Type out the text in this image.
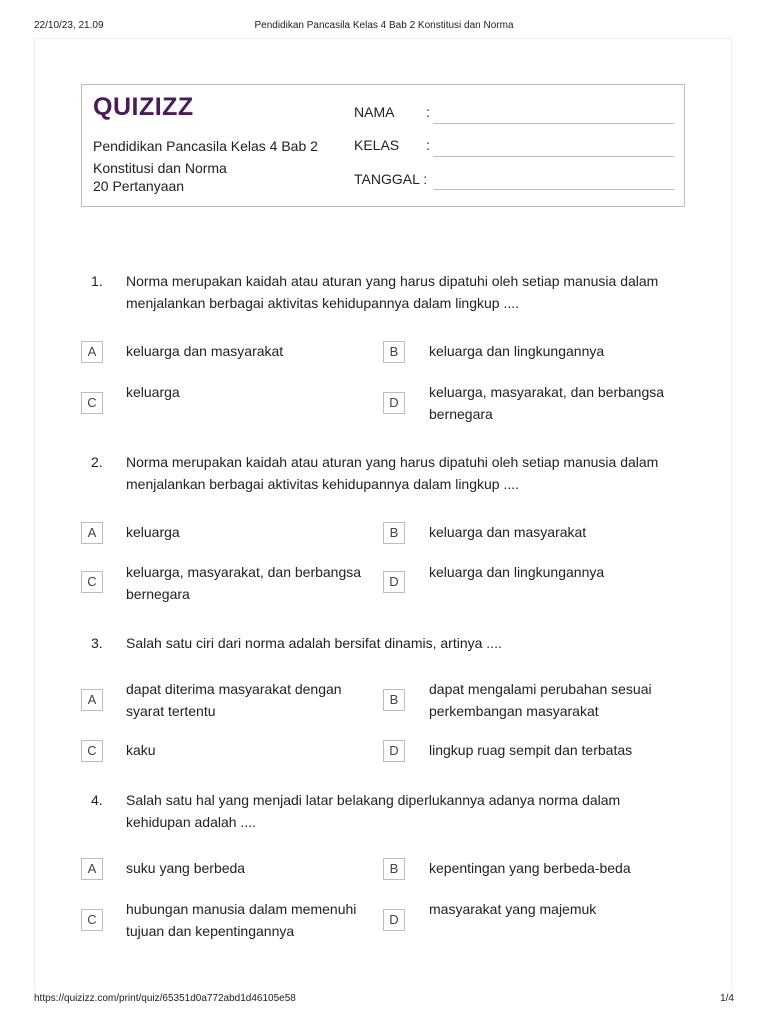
22/10/23, 21.09	Pendidikan Pancasila Kelas 4 Bab 2 Konstitusi dan Norma
QUIZIZZ
Pendidikan Pancasila Kelas 4 Bab 2 Konstitusi dan Norma
20 Pertanyaan
NAMA :
KELAS :
TANGGAL :
1. Norma merupakan kaidah atau aturan yang harus dipatuhi oleh setiap manusia dalam menjalankan berbagai aktivitas kehidupannya dalam lingkup ....
A	keluarga dan masyarakat	B	keluarga dan lingkungannya
C
keluarga
D
keluarga, masyarakat, dan berbangsa bernegara
2. Norma merupakan kaidah atau aturan yang harus dipatuhi oleh setiap manusia dalam menjalankan berbagai aktivitas kehidupannya dalam lingkup ....
A	keluarga	B	keluarga dan masyarakat
C
keluarga, masyarakat, dan berbangsa bernegara
D
keluarga dan lingkungannya
3. Salah satu ciri dari norma adalah bersifat dinamis, artinya ....
A
dapat diterima masyarakat dengan syarat tertentu
B
dapat mengalami perubahan sesuai perkembangan masyarakat
C	kaku	D	lingkup ruag sempit dan terbatas
4. Salah satu hal yang menjadi latar belakang diperlukannya adanya norma dalam kehidupan adalah ....
A	suku yang berbeda	B	kepentingan yang berbeda-beda
C
hubungan manusia dalam memenuhi tujuan dan kepentingannya
D
masyarakat yang majemuk
https://quizizz.com/print/quiz/65351d0a772abd1d46105e58	1/4
